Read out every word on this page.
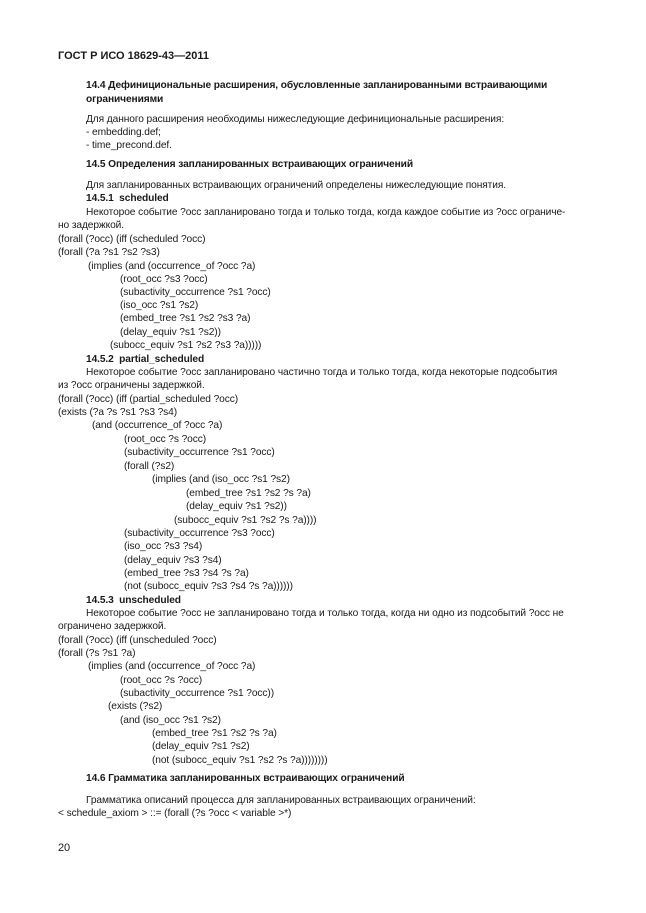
ГОСТ Р ИСО 18629-43—2011
14.4 Дефинициональные расширения, обусловленные запланированными встраивающими
ограничениями
Для данного расширения необходимы нижеследующие дефинициональные расширения:
- embedding.def;
- time_precond.def.
14.5 Определения запланированных встраивающих ограничений
Для запланированных встраивающих ограничений определены нижеследующие понятия.
14.5.1  scheduled
Некоторое событие ?occ запланировано тогда и только тогда, когда каждое событие из ?occ ограниче-
но задержкой.
(forall (?occ) (iff (scheduled ?occ)
(forall (?a ?s1 ?s2 ?s3)
(implies (and (occurrence_of ?occ ?a)
(root_occ ?s3 ?occ)
(subactivity_occurrence ?s1 ?occ)
(iso_occ ?s1 ?s2)
(embed_tree ?s1 ?s2 ?s3 ?a)
(delay_equiv ?s1 ?s2))
(subocc_equiv ?s1 ?s2 ?s3 ?a)))))
14.5.2  partial_scheduled
Некоторое событие ?occ запланировано частично тогда и только тогда, когда некоторые подсобытия
из ?occ ограничены задержкой.
(forall (?occ) (iff (partial_scheduled ?occ)
(exists (?a ?s ?s1 ?s3 ?s4)
(and (occurrence_of ?occ ?a)
(root_occ ?s ?occ)
(subactivity_occurrence ?s1 ?occ)
(forall (?s2)
(implies (and (iso_occ ?s1 ?s2)
(embed_tree ?s1 ?s2 ?s ?a)
(delay_equiv ?s1 ?s2))
(subocc_equiv ?s1 ?s2 ?s ?a))))
(subactivity_occurrence ?s3 ?occ)
(iso_occ ?s3 ?s4)
(delay_equiv ?s3 ?s4)
(embed_tree ?s3 ?s4 ?s ?a)
(not (subocc_equiv ?s3 ?s4 ?s ?a))))))
14.5.3  unscheduled
Некоторое событие ?occ не запланировано тогда и только тогда, когда ни одно из подсобытий ?occ не
ограничено задержкой.
(forall (?occ) (iff (unscheduled ?occ)
(forall (?s ?s1 ?a)
(implies (and (occurrence_of ?occ ?a)
(root_occ ?s ?occ)
(subactivity_occurrence ?s1 ?occ))
(exists (?s2)
(and (iso_occ ?s1 ?s2)
(embed_tree ?s1 ?s2 ?s ?a)
(delay_equiv ?s1 ?s2)
(not (subocc_equiv ?s1 ?s2 ?s ?a))))))))
14.6 Грамматика запланированных встраивающих ограничений
Грамматика описаний процесса для запланированных встраивающих ограничений:
< schedule_axiom > ::= (forall (?s ?occ < variable >*)
20
